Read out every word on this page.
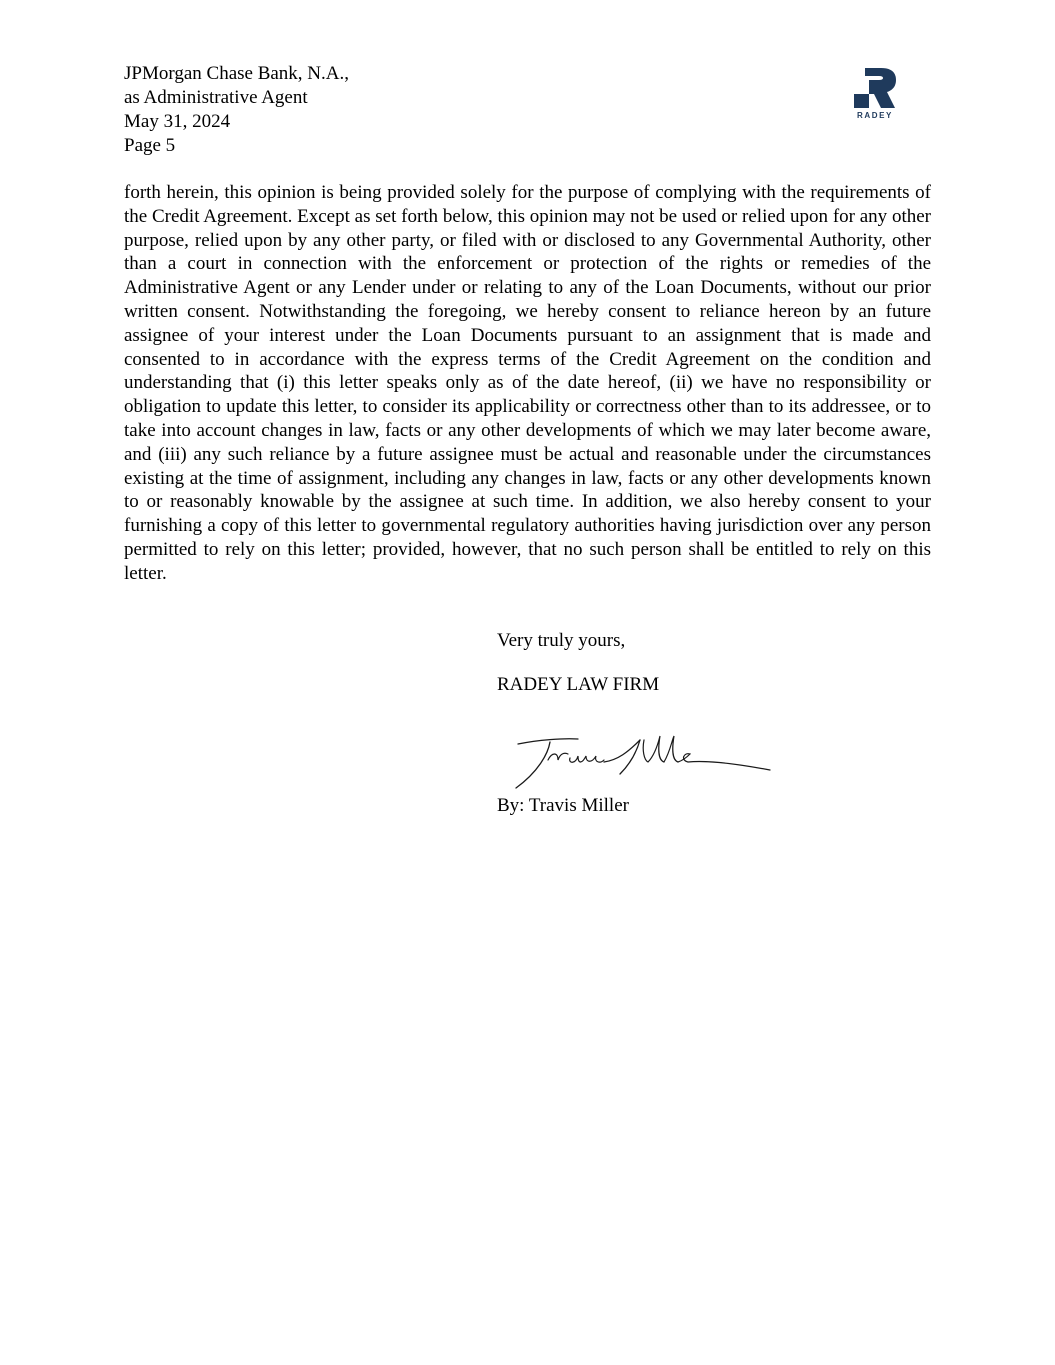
JPMorgan Chase Bank, N.A.,
as Administrative Agent
May 31, 2024
Page 5
RADEY

forth herein, this opinion is being provided solely for the purpose of complying with the requirements of the Credit Agreement. Except as set forth below, this opinion may not be used or relied upon for any other purpose, relied upon by any other party, or filed with or disclosed to any Governmental Authority, other than a court in connection with the enforcement or protection of the rights or remedies of the Administrative Agent or any Lender under or relating to any of the Loan Documents, without our prior written consent. Notwithstanding the foregoing, we hereby consent to reliance hereon by an future assignee of your interest under the Loan Documents pursuant to an assignment that is made and consented to in accordance with the express terms of the Credit Agreement on the condition and understanding that (i) this letter speaks only as of the date hereof, (ii) we have no responsibility or obligation to update this letter, to consider its applicability or correctness other than to its addressee, or to take into account changes in law, facts or any other developments of which we may later become aware, and (iii) any such reliance by a future assignee must be actual and reasonable under the circumstances existing at the time of assignment, including any changes in law, facts or any other developments known to or reasonably knowable by the assignee at such time. In addition, we also hereby consent to your furnishing a copy of this letter to governmental regulatory authorities having jurisdiction over any person permitted to rely on this letter; provided, however, that no such person shall be entitled to rely on this letter.

Very truly yours,
RADEY LAW FIRM
By: Travis Miller
